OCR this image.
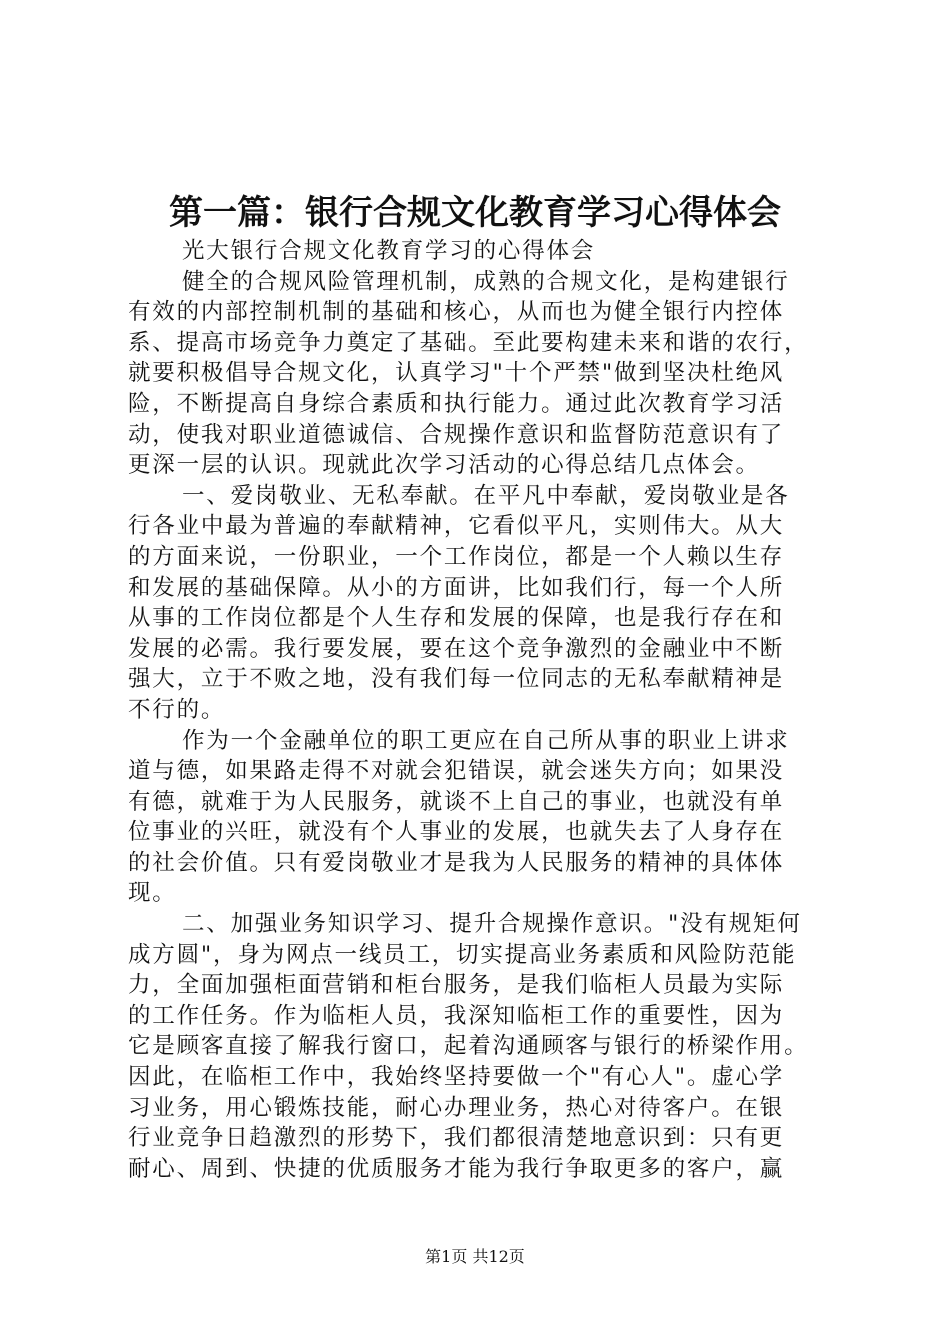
第一篇：银行合规文化教育学习心得体会
光大银行合规文化教育学习的心得体会
健全的合规风险管理机制，成熟的合规文化，是构建银行
有效的内部控制机制的基础和核心，从而也为健全银行内控体
系、提高市场竞争力奠定了基础。至此要构建未来和谐的农行，
就要积极倡导合规文化，认真学习"十个严禁"做到坚决杜绝风
险，不断提高自身综合素质和执行能力。通过此次教育学习活
动，使我对职业道德诚信、合规操作意识和监督防范意识有了
更深一层的认识。现就此次学习活动的心得总结几点体会。
一、爱岗敬业、无私奉献。在平凡中奉献，爱岗敬业是各
行各业中最为普遍的奉献精神，它看似平凡，实则伟大。从大
的方面来说，一份职业，一个工作岗位，都是一个人赖以生存
和发展的基础保障。从小的方面讲，比如我们行，每一个人所
从事的工作岗位都是个人生存和发展的保障，也是我行存在和
发展的必需。我行要发展，要在这个竞争激烈的金融业中不断
强大，立于不败之地，没有我们每一位同志的无私奉献精神是
不行的。
作为一个金融单位的职工更应在自己所从事的职业上讲求
道与德，如果路走得不对就会犯错误，就会迷失方向；如果没
有德，就难于为人民服务，就谈不上自己的事业，也就没有单
位事业的兴旺，就没有个人事业的发展，也就失去了人身存在
的社会价值。只有爱岗敬业才是我为人民服务的精神的具体体
现。
二、加强业务知识学习、提升合规操作意识。"没有规矩何
成方圆"，身为网点一线员工，切实提高业务素质和风险防范能
力，全面加强柜面营销和柜台服务，是我们临柜人员最为实际
的工作任务。作为临柜人员，我深知临柜工作的重要性，因为
它是顾客直接了解我行窗口，起着沟通顾客与银行的桥梁作用。
因此，在临柜工作中，我始终坚持要做一个"有心人"。虚心学
习业务，用心锻炼技能，耐心办理业务，热心对待客户。在银
行业竞争日趋激烈的形势下，我们都很清楚地意识到：只有更
耐心、周到、快捷的优质服务才能为我行争取更多的客户，赢
第1页 共12页
